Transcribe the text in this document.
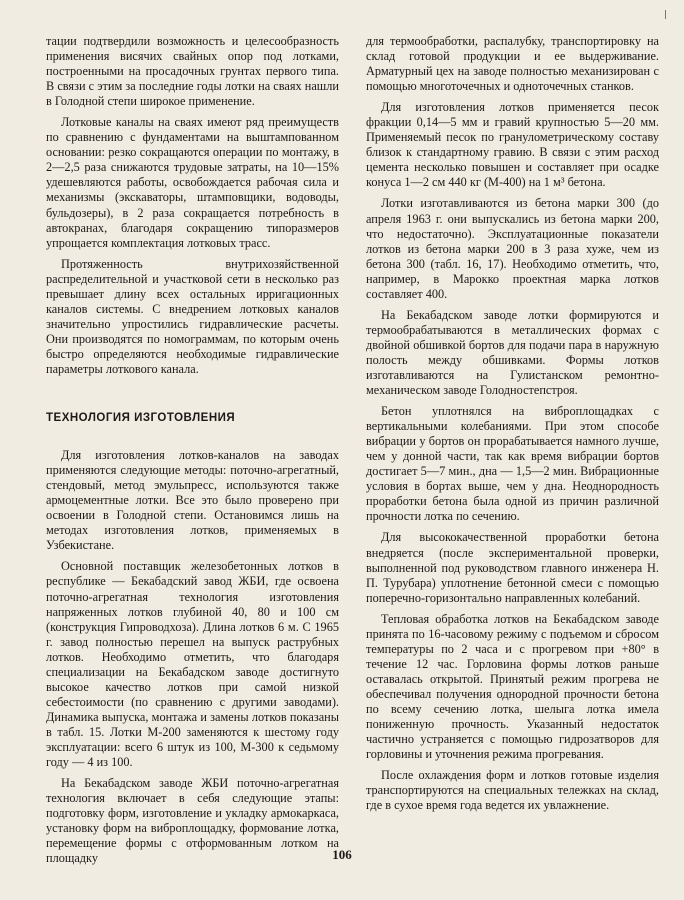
тации подтвердили возможность и целесообразность применения висячих свайных опор под лотками, построенными на просадочных грунтах первого типа. В связи с этим за последние годы лотки на сваях нашли в Голодной степи широкое применение.

Лотковые каналы на сваях имеют ряд преимуществ по сравнению с фундаментами на выштампованном основании: резко сокращаются операции по монтажу, в 2—2,5 раза снижаются трудовые затраты, на 10—15% удешевляются работы, освобождается рабочая сила и механизмы (экскаваторы, штамповщики, водоводы, бульдозеры), в 2 раза сокращается потребность в автокранах, благодаря сокращению типоразмеров упрощается комплектация лотковых трасс.

Протяженность внутрихозяйственной распределительной и участковой сети в несколько раз превышает длину всех остальных ирригационных каналов системы. С внедрением лотковых каналов значительно упростились гидравлические расчеты. Они производятся по номограммам, по которым очень быстро определяются необходимые гидравлические параметры лоткового канала.

ТЕХНОЛОГИЯ ИЗГОТОВЛЕНИЯ

Для изготовления лотков-каналов на заводах применяются следующие методы: поточно-агрегатный, стендовый, метод эмульпресс, используются также армоцементные лотки. Все это было проверено при освоении в Голодной степи. Остановимся лишь на методах изготовления лотков, применяемых в Узбекистане.

Основной поставщик железобетонных лотков в республике — Бекабадский завод ЖБИ, где освоена поточно-агрегатная технология изготовления напряженных лотков глубиной 40, 80 и 100 см (конструкция Гипроводхоза). Длина лотков 6 м. С 1965 г. завод полностью перешел на выпуск раструбных лотков. Необходимо отметить, что благодаря специализации на Бекабадском заводе достигнуто высокое качество лотков при самой низкой себестоимости (по сравнению с другими заводами). Динамика выпуска, монтажа и замены лотков показаны в табл. 15. Лотки М-200 заменяются к шестому году эксплуатации: всего 6 штук из 100, М-300 к седьмому году — 4 из 100.

На Бекабадском заводе ЖБИ поточно-агрегатная технология включает в себя следующие этапы: подготовку форм, изготовление и укладку армокаркаса, установку форм на виброплощадку, формование лотка, перемещение формы с отформованным лотком на площадку

для термообработки, распалубку, транспортировку на склад готовой продукции и ее выдерживание. Арматурный цех на заводе полностью механизирован с помощью многоточечных и одноточечных станков.

Для изготовления лотков применяется песок фракции 0,14—5 мм и гравий крупностью 5—20 мм. Применяемый песок по гранулометрическому составу близок к стандартному гравию. В связи с этим расход цемента несколько повышен и составляет при осадке конуса 1—2 см 440 кг (М-400) на 1 м³ бетона.

Лотки изготавливаются из бетона марки 300 (до апреля 1963 г. они выпускались из бетона марки 200, что недостаточно). Эксплуатационные показатели лотков из бетона марки 200 в 3 раза хуже, чем из бетона 300 (табл. 16, 17). Необходимо отметить, что, например, в Марокко проектная марка лотков составляет 400.

На Бекабадском заводе лотки формируются и термообрабатываются в металлических формах с двойной обшивкой бортов для подачи пара в наружную полость между обшивками. Формы лотков изготавливаются на Гулистанском ремонтно-механическом заводе Голодностепстроя.

Бетон уплотнялся на виброплощадках с вертикальными колебаниями. При этом способе вибрации у бортов он прорабатывается намного лучше, чем у донной части, так как время вибрации бортов достигает 5—7 мин., дна — 1,5—2 мин. Вибрационные условия в бортах выше, чем у дна. Неоднородность проработки бетона была одной из причин различной прочности лотка по сечению.

Для высококачественной проработки бетона внедряется (после экспериментальной проверки, выполненной под руководством главного инженера Н. П. Турубара) уплотнение бетонной смеси с помощью поперечно-горизонтально направленных колебаний.

Тепловая обработка лотков на Бекабадском заводе принята по 16-часовому режиму с подъемом и сбросом температуры по 2 часа и с прогревом при +80° в течение 12 час. Горловина формы лотков раньше оставалась открытой. Принятый режим прогрева не обеспечивал получения однородной прочности бетона по всему сечению лотка, шелыга лотка имела пониженную прочность. Указанный недостаток частично устраняется с помощью гидрозатворов для горловины и уточнения режима прогревания.

После охлаждения форм и лотков готовые изделия транспортируются на специальных тележках на склад, где в сухое время года ведется их увлажнение.

106
